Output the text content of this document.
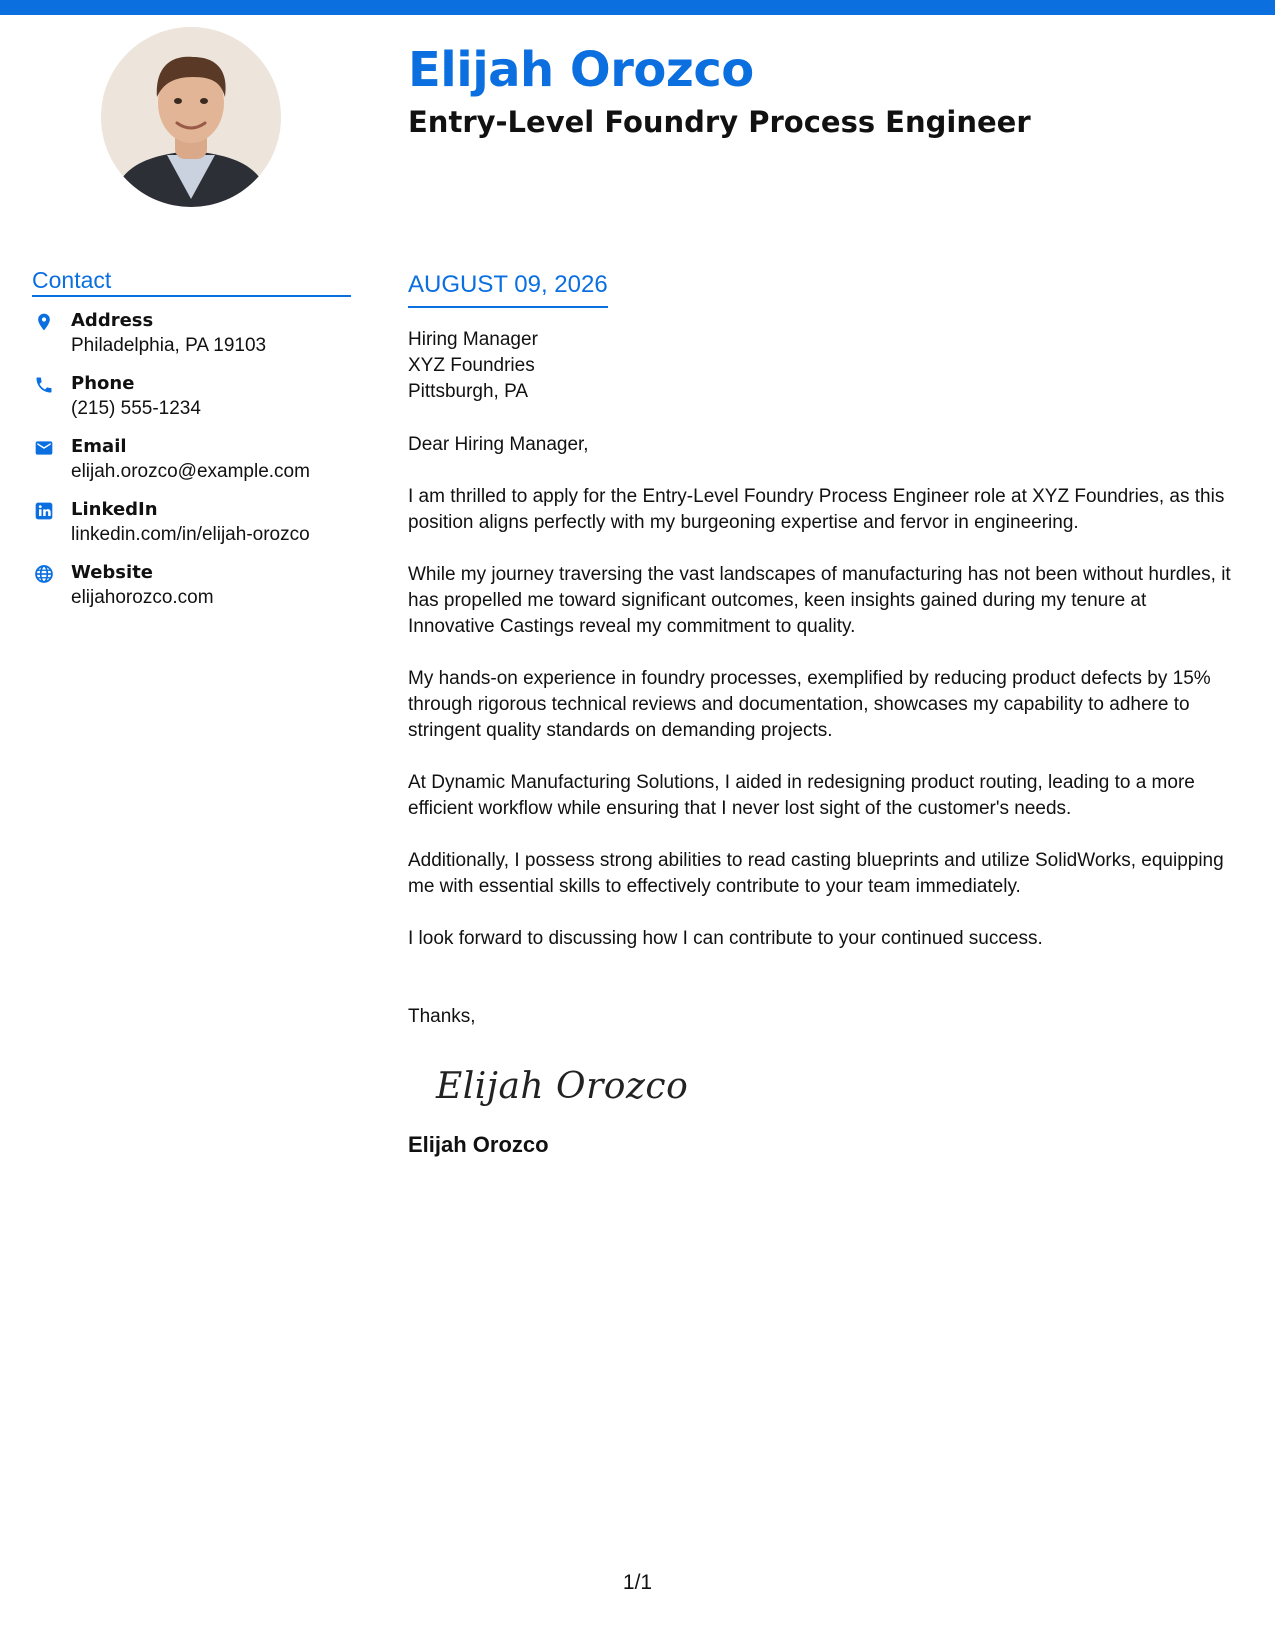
Elijah Orozco
Entry-Level Foundry Process Engineer
Contact
Address
Philadelphia, PA 19103
Phone
(215) 555-1234
Email
elijah.orozco@example.com
LinkedIn
linkedin.com/in/elijah-orozco
Website
elijahorozco.com
AUGUST 09, 2026
Hiring Manager
XYZ Foundries
Pittsburgh, PA
Dear Hiring Manager,

I am thrilled to apply for the Entry-Level Foundry Process Engineer role at XYZ Foundries, as this position aligns perfectly with my burgeoning expertise and fervor in engineering.

While my journey traversing the vast landscapes of manufacturing has not been without hurdles, it has propelled me toward significant outcomes, keen insights gained during my tenure at Innovative Castings reveal my commitment to quality.

My hands-on experience in foundry processes, exemplified by reducing product defects by 15% through rigorous technical reviews and documentation, showcases my capability to adhere to stringent quality standards on demanding projects.

At Dynamic Manufacturing Solutions, I aided in redesigning product routing, leading to a more efficient workflow while ensuring that I never lost sight of the customer's needs.

Additionally, I possess strong abilities to read casting blueprints and utilize SolidWorks, equipping me with essential skills to effectively contribute to your team immediately.

I look forward to discussing how I can contribute to your continued success.

Thanks,
Elijah Orozco
Elijah Orozco
1/1
